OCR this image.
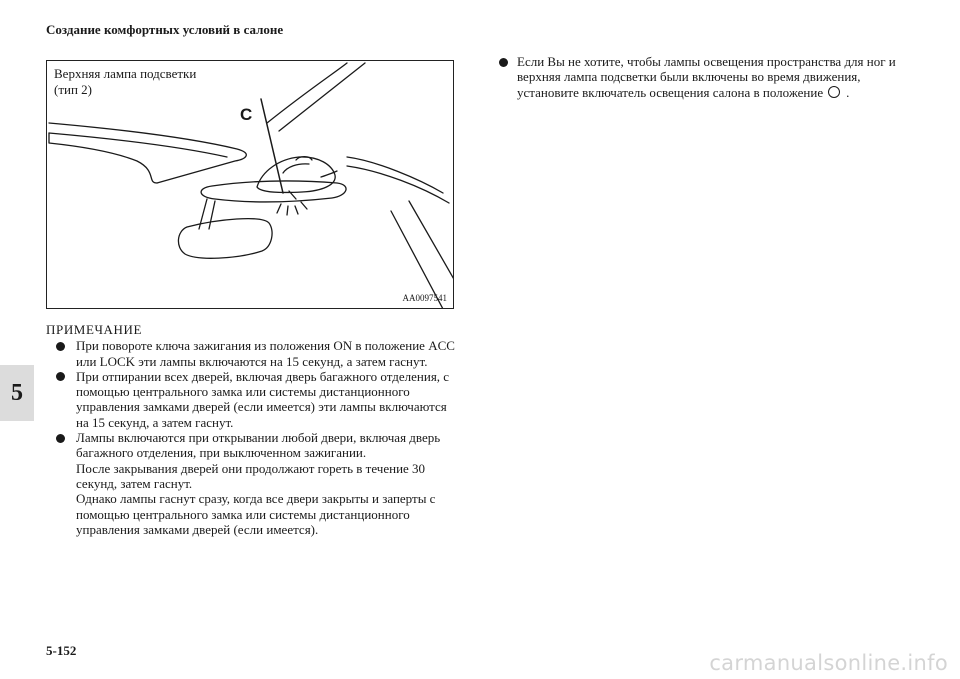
Создание комфортных условий в салоне
5
Верхняя лампа подсветки
(тип 2)
C
AA0097541
ПРИМЕЧАНИЕ
При повороте ключа зажигания из положения ON в положение ACC или LOCK эти лампы включаются на 15 секунд, а затем гаснут.
При отпирании всех дверей, включая дверь багажного отделения, с помощью центрального замка или системы дистанционного управления замками дверей (если имеется) эти лампы включаются на 15 секунд, а затем гаснут.
Лампы включаются при открывании любой двери, включая дверь багажного отделения, при выключенном зажигании.
После закрывания дверей они продолжают гореть в течение 30 секунд, затем гаснут.
Однако лампы гаснут сразу, когда все двери закрыты и заперты с помощью центрального замка или системы дистанционного управления замками дверей (если имеется).
Если Вы не хотите, чтобы лампы освещения пространства для ног и верхняя лампа подсветки были включены во время движения, установите включатель освещения салона в положение .
5-152
carmanualsonline.info
